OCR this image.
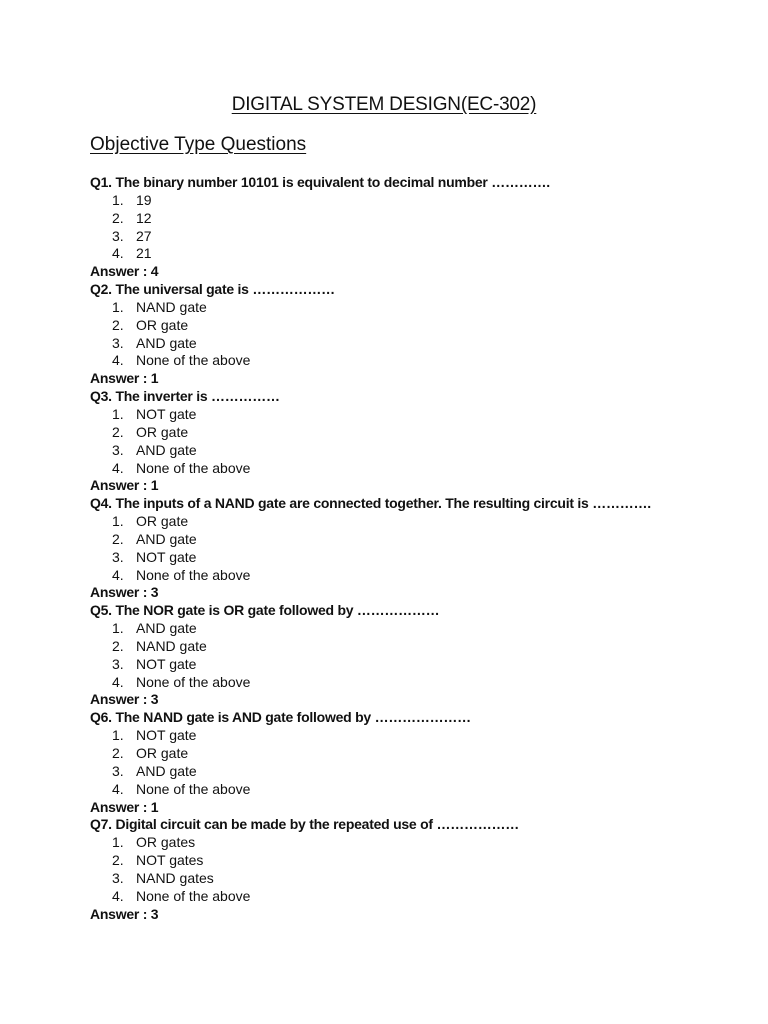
DIGITAL SYSTEM DESIGN(EC-302)
Objective Type Questions
Q1. The binary number 10101 is equivalent to decimal number ………….
1. 19
2. 12
3. 27
4. 21
Answer : 4
Q2. The universal gate is ………………
1. NAND gate
2. OR gate
3. AND gate
4. None of the above
Answer : 1
Q3. The inverter is ……………
1. NOT gate
2. OR gate
3. AND gate
4. None of the above
Answer : 1
Q4. The inputs of a NAND gate are connected together. The resulting circuit is ………….
1. OR gate
2. AND gate
3. NOT gate
4. None of the above
Answer : 3
Q5. The NOR gate is OR gate followed by ………………
1. AND gate
2. NAND gate
3. NOT gate
4. None of the above
Answer : 3
Q6. The NAND gate is AND gate followed by …………………
1. NOT gate
2. OR gate
3. AND gate
4. None of the above
Answer : 1
Q7. Digital circuit can be made by the repeated use of ………………
1. OR gates
2. NOT gates
3. NAND gates
4. None of the above
Answer : 3
